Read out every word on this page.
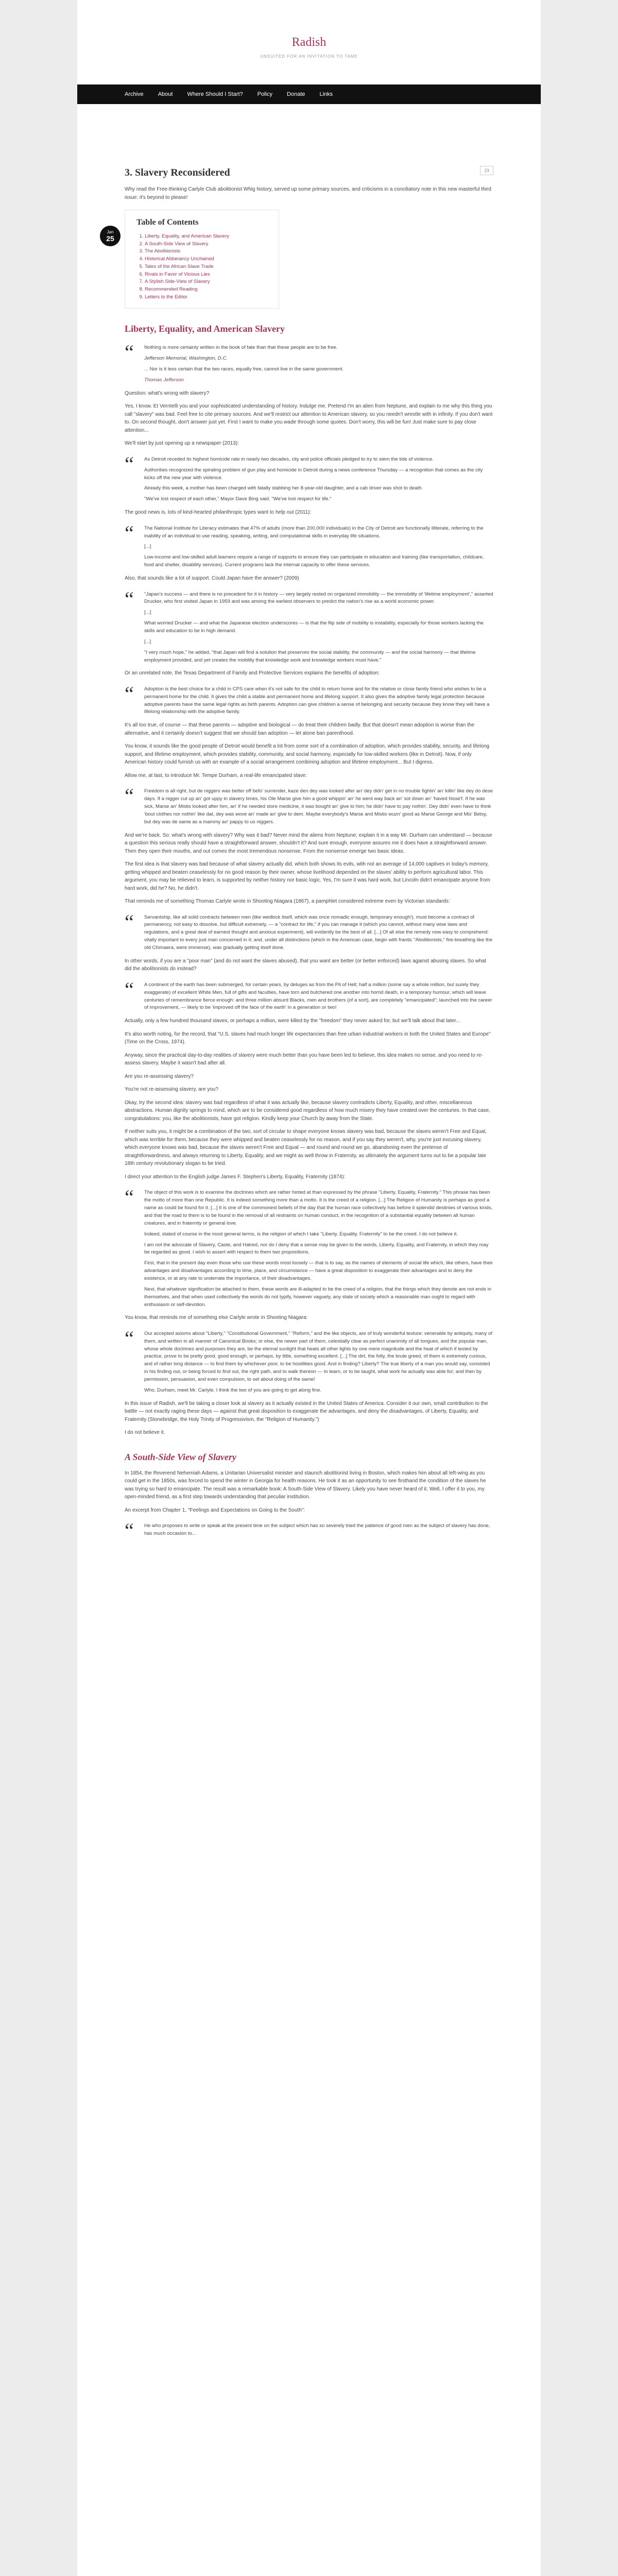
Radish
UNSUITED FOR AN INVITATION TO TAME
Archive	About	Where Should I Start?	Policy	Donate	Links
Jan
25
3. Slavery Reconsidered	23

Why read the Free-thinking Carlyle Club abolitionist Whig history, served up some primary sources, and criticisms in a conciliatory note in this new masterful third issue: it's beyond to please!

Table of Contents
1. Liberty, Equality, and American Slavery
2. A South-Side View of Slavery
3. The Abolitionists
4. Historical Abberancy Unchained
5. Tales of the African Slave Trade
6. Rivals in Favor of Vicious Lies
7. A Stylish Side-View of Slavery
8. Recommended Reading
9. Letters to the Editor
Liberty, Equality, and American Slavery
“ Nothing is more certainly written in the book of fate than that these people are to be free.

Jefferson Memorial, Washington, D.C.

... Nor is it less certain that the two races, equally free, cannot live in the same government.

Thomas Jefferson

Question: what's wrong with slavery?

Yes, I know. Et Verntelli you and your sophisticated understanding of history. Indulge me. Pretend I'm an alien from Neptune, and explain to me why this thing you call "slavery" was bad. Feel free to cite primary sources. And we'll restrict our attention to American slavery, so you needn't wrestle with in infinity. If you don't want to. On second thought, don't answer just yet. First I want to make you wade through some quotes. Don't worry, this will be fun! Just make sure to pay close attention...

We'll start by just opening up a newspaper (2013):

“ As Detroit receded its highest homicide rate in nearly two decades, city and police officials pledged to try to stem the tide of violence.

Authorities recognized the spiraling problem of gun play and homicide in Detroit during a news conference Thursday — a recognition that comes as the city kicks off the new year with violence.

Already this week, a mother has been charged with fatally stabbing her 8-year-old daughter, and a cab driver was shot to death.

"We've lost respect of each other," Mayor Dave Bing said. "We've lost respect for life."

The good news is, lots of kind-hearted philanthropic types want to help out (2011):

“ The National Institute for Literacy estimates that 47% of adults (more than 200,000 individuals) in the City of Detroit are functionally illiterate, referring to the inability of an individual to use reading, speaking, writing, and computational skills in everyday life situations.

[...]

Low-income and low-skilled adult learners require a range of supports to ensure they can participate in education and training (like transportation, childcare, food and shelter, disability services). Current programs lack the internal capacity to offer these services.

Also, that sounds like a lot of support. Could Japan have the answer? (2009)

“ "Japan's success — and there is no precedent for it in history — very largely rested on organized immobility — the immobility of 'lifetime employment'," asserted Drucker, who first visited Japan in 1959 and was among the earliest observers to predict the nation's rise as a world economic power.

[...]

What worried Drucker — and what the Japanese election underscores — is that the flip side of mobility is instability, especially for those workers lacking the skills and education to be in high demand.

[...]

"I very much hope," he added, "that Japan will find a solution that preserves the social stability, the community — and the social harmony — that lifetime employment provided, and yet creates the mobility that knowledge work and knowledge workers must have."

Or an unrelated note, the Texas Department of Family and Protective Services explains the benefits of adoption:

“ Adoption is the best choice for a child in CPS care when it's not safe for the child to return home and for the relative or close family friend who wishes to be a permanent home for the child. It gives the child a stable and permanent home and lifelong support. It also gives the adoptive family legal protection because adoptive parents have the same legal rights as birth parents. Adoption can give children a sense of belonging and security because they know they will have a lifelong relationship with the adoptive family.

It's all too true, of course — that these parents — adoptive and biological — do treat their children badly. But that doesn't mean adoption is worse than the alternative, and it certainly doesn't suggest that we should ban adoption — let alone ban parenthood.

You know, it sounds like the good people of Detroit would benefit a lot from some sort of a combination of adoption, which provides stability, security, and lifelong support, and lifetime employment, which provides stability, community, and social harmony, especially for low-skilled workers (like in Detroit). Now, if only American history could furnish us with an example of a social arrangement combining adoption and lifetime employment... But I digress.

Allow me, at last, to introduce Mr. Tempe Durham, a real-life emancipated slave:

“ Freedom is all right, but de niggers was better off befo' surrender, kaze den dey was looked after an' dey didn' get in no trouble fightin' an' killin' like dey do dese days. If a nigger cut up an' got uppy in slavery times, his Ole Marse give him a good whippin' an' he went way back an' sot down an' 'haved hisse'f. If he was sick, Marse an' Mistis looked after him, an' if he needed store medicine, it was bought an' give to him; he didn' have to pay nothin'. Dey didn' even have to think 'bout clothes nor nothin' like dat, dey was wove an' made an' give to dem. Maybe everybody's Marse and Mistis wuzn' good as Marse George and Mis' Betsy, but dey was de same as a mammy an' pappy to us niggers.

And we're back. So: what's wrong with slavery? Why was it bad? Never mind the aliens from Neptune; explain it in a way Mr. Durham can understand — because a question this serious really should have a straightforward answer, shouldn't it? And sure enough, everyone assures me it does have a straightforward answer. Then they open their mouths, and out comes the most tremendous nonsense. From the nonsense emerge two basic ideas.

The first idea is that slavery was bad because of what slavery actually did, which both shows its evils, with not an average of 14,000 captives in today's memory, getting whipped and beaten ceaselessly for no good reason by their owner, whose livelihood depended on the slaves' ability to perform agricultural labor. This argument, you may be relieved to learn, is supported by neither history nor basic logic. Yes, I'm sure it was hard work, but Lincoln didn't emancipate anyone from hard work, did he? No, he didn't.

That reminds me of something Thomas Carlyle wrote in Shooting Niagara (1867), a pamphlet considered extreme even by Victorian standards:

“ Servantship, like all solid contracts between men (like wedlock itself, which was once nomadic enough, temporary enough!), must become a contract of permanency, not easy to dissolve, but difficult extremely, — a "contract for life," if you can manage it (which you cannot, without many wise laws and regulations, and a great deal of earnest thought and anxious experiment), will evidently be the best of all. [...] Of all else the remedy now easy to comprehend: vitally important to every just man concerned in it; and, under all distinctions (which in the American case, begin with frantic "Abolitionists," fire-breathing like the old Chimaera, were immense), was gradually getting itself done.

In other words, if you are a "poor man" (and do not want the slaves abused), that you want are better (or better enforced) laws against abusing slaves. So what did the abolitionists do instead?

“ A continent of the earth has been submerged, for certain years, by deluges as from the Pit of Hell; half a million (some say a whole million, but surely they exaggerate) of excellent White Men, full of gifts and faculties, have torn and butchered one another into horrid death, in a temporary humour, which will leave centuries of remembrance fierce enough: and three million absurd Blacks, men and brothers (of a sort), are completely "emancipated"; launched into the career of improvement, — likely to be 'improved off the face of the earth' in a generation or two!

Actually, only a few hundred thousand slaves, or perhaps a million, were killed by the "freedom" they never asked for, but we'll talk about that later...

It's also worth noting, for the record, that "U.S. slaves had much longer life expectancies than free urban industrial workers in both the United States and Europe" (Time on the Cross, 1974).

Anyway, since the practical day-to-day realities of slavery were much better than you have been led to believe, this idea makes no sense, and you need to re-assess slavery. Maybe it wasn't bad after all.

Are you re-assessing slavery?

You're not re-assessing slavery, are you?

Okay, try the second idea: slavery was bad regardless of what it was actually like, because slavery contradicts Liberty, Equality, and other, miscellaneous abstractions. Human dignity springs to mind, which are to be considered good regardless of how much misery they have created over the centuries. In that case, congratulations: you, like the abolitionists, have got religion. Kindly keep your Church by away from the State.

If neither suits you, it might be a combination of the two, sort of circular to shape everyone knows slavery was bad, because the slaves weren't Free and Equal, which was terrible for them, because they were whipped and beaten ceaselessly for no reason, and if you say they weren't, why, you're just excusing slavery, which everyone knows was bad, because the slaves weren't Free and Equal — and round and round we go, abandoning even the pretense of straightforwardness, and always returning to Liberty, Equality, and we might as well throw in Fraternity, as ultimately the argument turns out to be a popular late 18th century revolutionary slogan to be tried.

I direct your attention to the English judge James F. Stephen's Liberty, Equality, Fraternity (1874):

“ The object of this work is to examine the doctrines which are rather hinted at than expressed by the phrase "Liberty, Equality, Fraternity." This phrase has been the motto of more than one Republic. It is indeed something more than a motto. It is the creed of a religion. [...] The Religion of Humanity is perhaps as good a name as could be found for it. [...] It is one of the commonest beliefs of the day that the human race collectively has before it splendid destinies of various kinds, and that the road to them is to be found in the removal of all restraints on human conduct, in the recognition of a substantial equality between all human creatures, and in fraternity or general love.

Indeed, stated of course in the most general terms, is the religion of which I take "Liberty, Equality, Fraternity" to be the creed. I do not believe it.

I am not the advocate of Slavery, Caste, and Hatred, nor do I deny that a sense may be given to the words, Liberty, Equality, and Fraternity, in which they may be regarded as good. I wish to assert with respect to them two propositions.

First, that in the present day even those who use these words most loosely — that is to say, as the names of elements of social life which, like others, have their advantages and disadvantages according to time, place, and circumstance — have a great disposition to exaggerate their advantages and to deny the existence, or at any rate to underrate the importance, of their disadvantages.

Next, that whatever signification be attached to them, these words are ill-adapted to be the creed of a religion, that the things which they denote are not ends in themselves, and that when used collectively the words do not typify, however vaguely, any state of society which a reasonable man ought to regard with enthusiasm or self-devotion.

You know, that reminds me of something else Carlyle wrote in Shooting Niagara:

“ Our accepted axioms about "Liberty," "Constitutional Government," "Reform," and the like objects, are of truly wonderful texture: venerable by antiquity, many of them, and written in all manner of Canonical Books; or else, the newer part of them, celestially clear as perfect unanimity of all tongues, and the popular man, whose whole doctrines and purposes they are, be the eternal sunlight that heats all other lights by one mere magnitude and the heat of which if tested by practice, prove to be pretty good, good enough, or perhaps, by little, something excellent. [...] The dirt, the folly, the brute greed, of them is extremely curious, and of rather long distance — to find them by whichever poor, to be hostilities good. And in finding? Liberty? The true liberty of a man you would say, consisted in his finding out, or being forced to find out, the right path, and to walk thereon — to learn, or to be taught, what work he actually was able for; and then by permission, persuasion, and even compulsion, to set about doing of the same!

Who, Durham, meet Mr. Carlyle. I think the two of you are going to get along fine.

In this issue of Radish, we'll be taking a closer look at slavery as it actually existed in the United States of America. Consider it our own, small contribution to the battle — not exactly raging these days — against that great disposition to exaggerate the advantages, and deny the disadvantages, of Liberty, Equality, and Fraternity (Stonebridge, the Holy Trinity of Progressivism, the "Religion of Humanity.")

I do not believe it.

A South-Side View of Slavery

In 1854, the Reverend Nehemiah Adams, a Unitarian Universalist minister and staunch abolitionist living in Boston, which makes him about all left-wing as you could get in the 1850s, was forced to spend the winter in Georgia for health reasons. He took it as an opportunity to see firsthand the condition of the slaves he was trying so hard to emancipate. The result was a remarkable book: A South-Side View of Slavery. Likely you have never heard of it. Well, I offer it to you, my open-minded friend, as a first step towards understanding that peculiar institution.

An excerpt from Chapter 1, "Feelings and Expectations on Going to the South":

“ He who proposes to write or speak at the present time on the subject which has so severely tried the patience of good men as the subject of slavery has done, has much occasion to...
